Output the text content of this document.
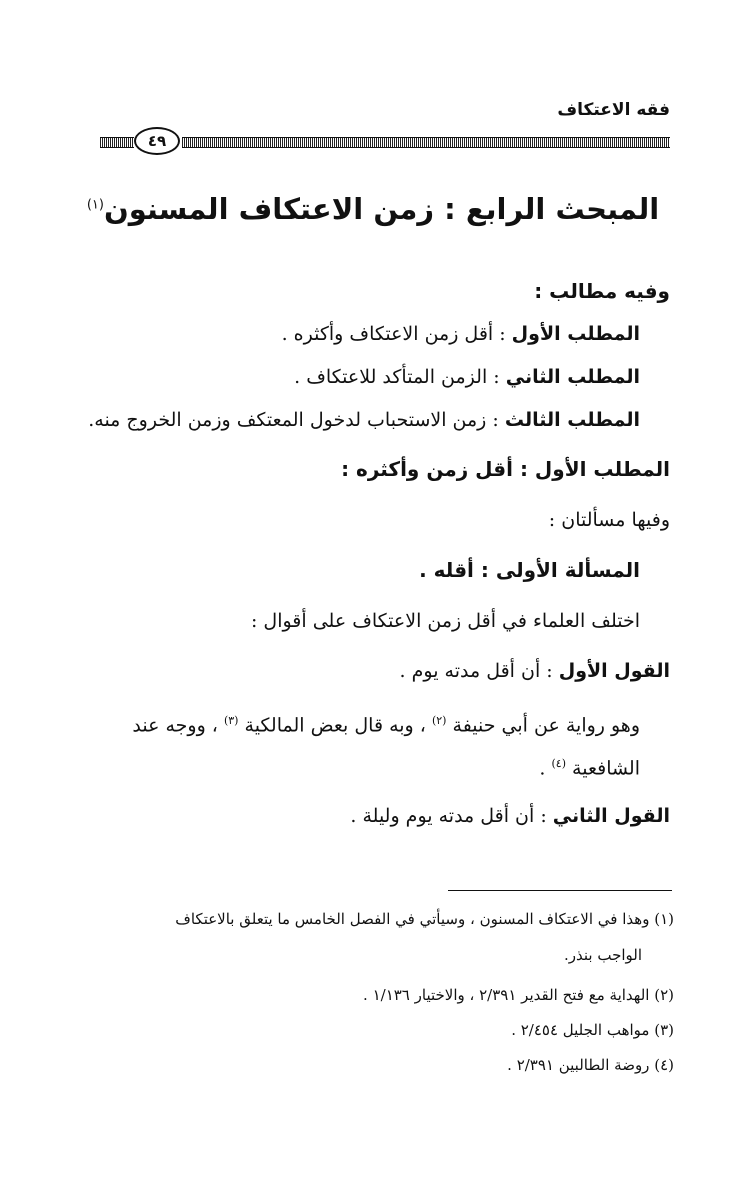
فقه الاعتكاف
٤٩
المبحث الرابع : زمن الاعتكاف المسنون$^{(١)}$
وفيه مطالب :
المطلب الأول : أقل زمن الاعتكاف وأكثره .
المطلب الثاني : الزمن المتأكد للاعتكاف .
المطلب الثالث : زمن الاستحباب لدخول المعتكف وزمن الخروج منه.
المطلب الأول : أقل زمن وأكثره :
وفيها مسألتان :
المسألة الأولى : أقله .
اختلف العلماء في أقل زمن الاعتكاف على أقوال :
القول الأول : أن أقل مدته يوم .
وهو رواية عن أبي حنيفة $^{(٢)}$ ، وبه قال بعض المالكية $^{(٣)}$ ، ووجه عند
الشافعية $^{(٤)}$ .
القول الثاني : أن أقل مدته يوم وليلة .
(١) وهذا في الاعتكاف المسنون ، وسيأتي في الفصل الخامس ما يتعلق بالاعتكاف
الواجب بنذر.
(٢) الهداية مع فتح القدير ٢/٣٩١ ، والاختيار ١/١٣٦ .
(٣) مواهب الجليل ٢/٤٥٤ .
(٤) روضة الطالبين ٢/٣٩١ .
